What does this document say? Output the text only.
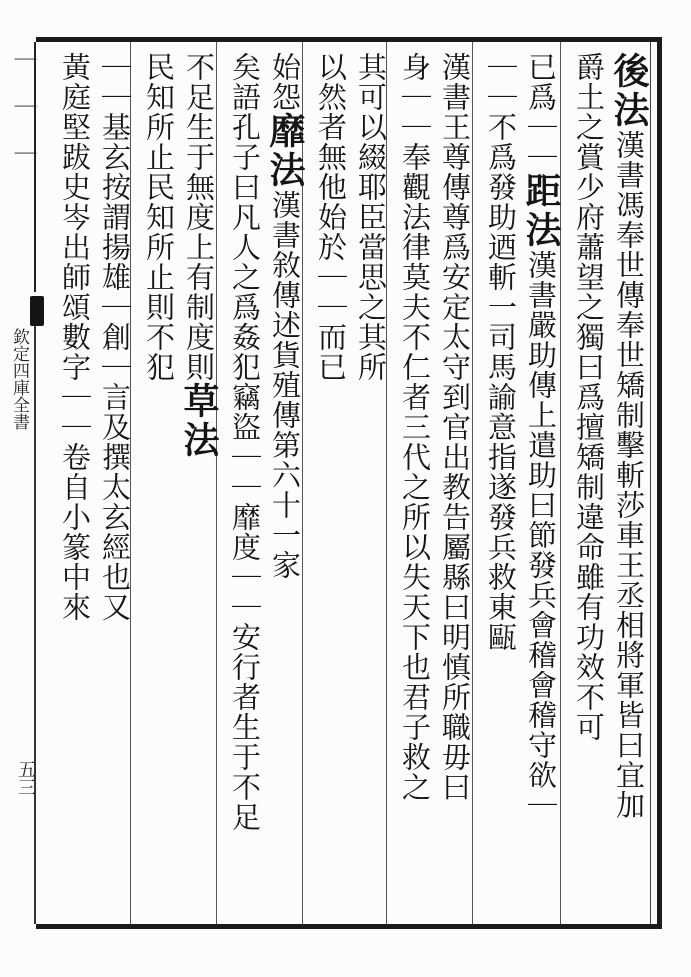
｜ ｜ ｜
欽定四庫全書
五三
後法漢書馮奉世傳奉世矯制擊斬莎車王丞相將軍皆曰宜加
爵土之賞少府蕭望之獨曰爲擅矯制違命雖有功效不可
已爲｜｜距法漢書嚴助傳上遣助曰節發兵會稽會稽守欲｜
｜｜不爲發助迺斬一司馬諭意指遂發兵救東甌
漢書王尊傳尊爲安定太守到官出教告屬縣曰明慎所職毋曰
身｜｜奉觀法律莫夫不仁者三代之所以失天下也君子救之
其可以綴耶臣當思之其所
以然者無他始於｜｜而已
始怨靡法漢書敘傳述貨殖傳第六十一家
矣語孔子曰凡人之爲姦犯竊盜｜｜靡度｜｜安行者生于不足
不足生于無度上有制度則草法
民知所止民知所止則不犯
｜｜基玄按謂揚雄｜創｜言及撰太玄經也又
黃庭堅跋史岑出師頌數字｜｜卷自小篆中來
